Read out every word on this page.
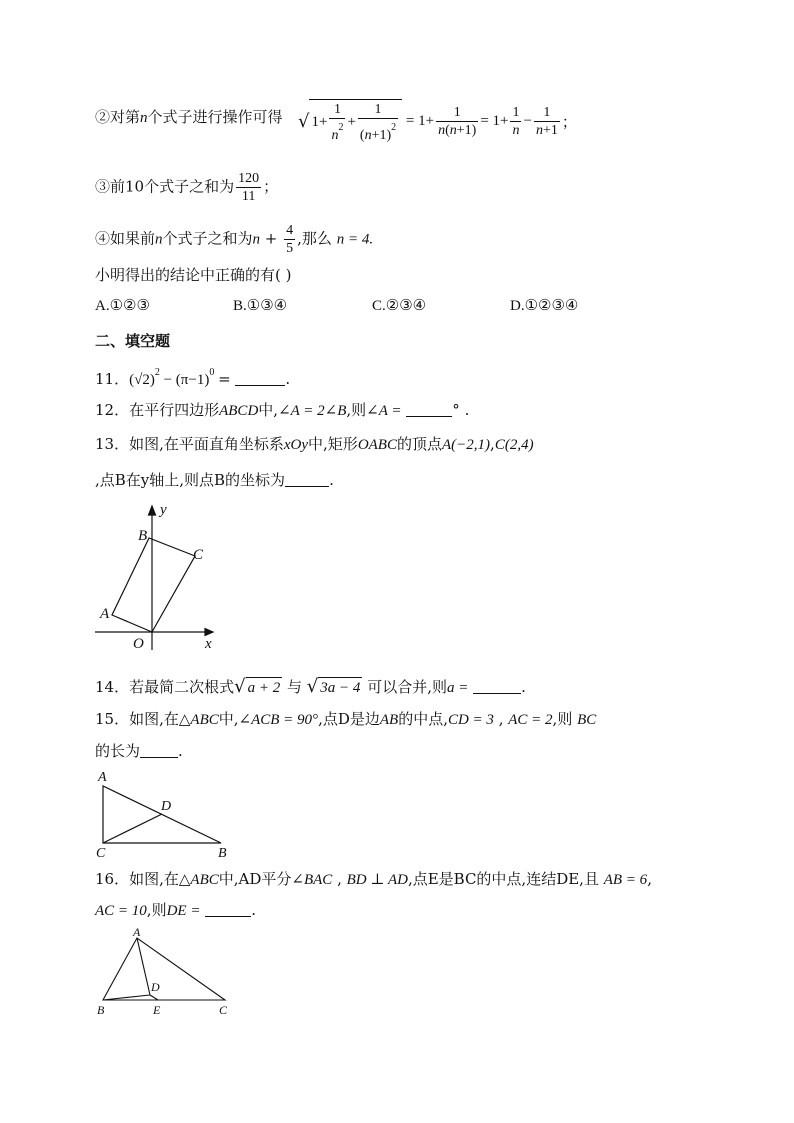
②对第n个式子进行操作可得 √ $1+ \frac{1}{n^2} + \frac{1}{(n+1)^2} = 1+ \frac{1}{n(n+1)} = 1+ \frac{1}{n} - \frac{1}{n+1}$ ；
③前10个式子之和为 $\frac{120}{11}$ ；
④如果前n个式子之和为$n + \frac{4}{5}$ ,那么 n = 4.
小明得出的结论中正确的有( )
A.①②③	B.①③④	C.②③④	D.①②③④
二、填空题
11．$(√2)^2 - (\pi-1)^0$ =	.
12．在平行四边形ABCD中,∠A = 2∠B,则∠A =	° .
13．如图,在平面直角坐标系xOy中,矩形OABC的顶点A(−2,1),C(2,4)
,点B在y轴上,则点B的坐标为	.
y
x
O
A
B
C
14．若最简二次根式√ a + 2 与 √ 3a − 4 可以合并,则a =	.
15．如图,在△ABC中,∠ACB = 90°,点D是边AB的中点,CD = 3 , AC = 2,则 BC
的长为	.
A
D
C	B
16．如图,在△ABC中,AD平分∠BAC , BD ⊥ AD,点E是BC的中点,连结DE,且 AB = 6,
AC = 10,则DE =	.
A
D
B	E	C
